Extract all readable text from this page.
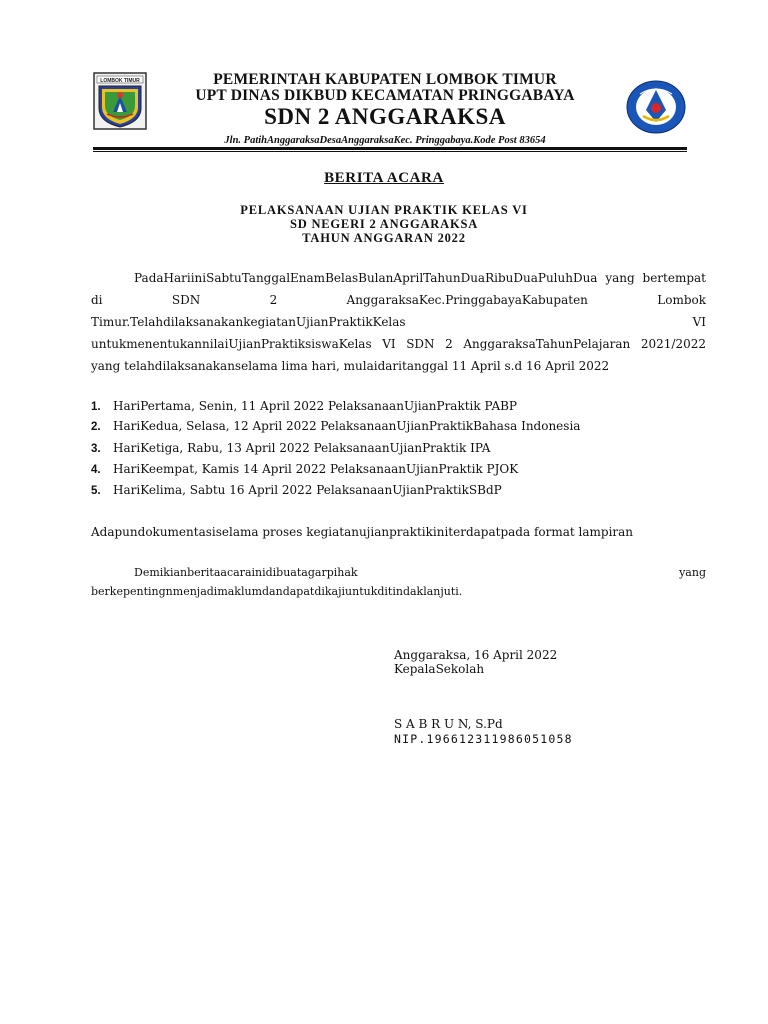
LOMBOK TIMUR	PEMERINTAH KABUPATEN LOMBOK TIMUR
UPT DINAS DIKBUD KECAMATAN PRINGGABAYA
SDN 2 ANGGARAKSA
Jln. PatihAnggaraksaDesaAnggaraksaKec. Pringgabaya.Kode Post 83654
BERITA ACARA
PELAKSANAAN UJIAN PRAKTIK KELAS VI
SD NEGERI 2 ANGGARAKSA
TAHUN ANGGARAN 2022
PadaHariiniSabtuTanggalEnamBelasBulanAprilTahunDuaRibuDuaPuluhDua yang bertempat
di	SDN	2	AnggaraksaKec.PringgabayaKabupaten	Lombok
Timur.TelahdilaksanakankegiatanUjianPraktikKelas	VI
untukmenentukannilaiUjianPraktiksiswaKelas VI SDN 2 AnggaraksaTahunPelajaran 2021/2022
yang telahdilaksanakanselama lima hari, mulaidaritanggal 11 April s.d 16 April 2022
1. HariPertama, Senin, 11 April 2022 PelaksanaanUjianPraktik PABP
2. HariKedua, Selasa, 12 April 2022 PelaksanaanUjianPraktikBahasa Indonesia
3. HariKetiga, Rabu, 13 April 2022 PelaksanaanUjianPraktik IPA
4. HariKeempat, Kamis 14 April 2022 PelaksanaanUjianPraktik PJOK
5. HariKelima, Sabtu 16 April 2022 PelaksanaanUjianPraktikSBdP
Adapundokumentasiselama proses kegiatanujianpraktikiniterdapatpada format lampiran
Demikianberitaacarainidibuatagarpihak	yang
berkepentingnmenjadimaklumdandapatdikajiuntukditindaklanjuti.
Anggaraksa, 16 April 2022
KepalaSekolah
S A B R U N, S.Pd
NIP.196612311986051058
